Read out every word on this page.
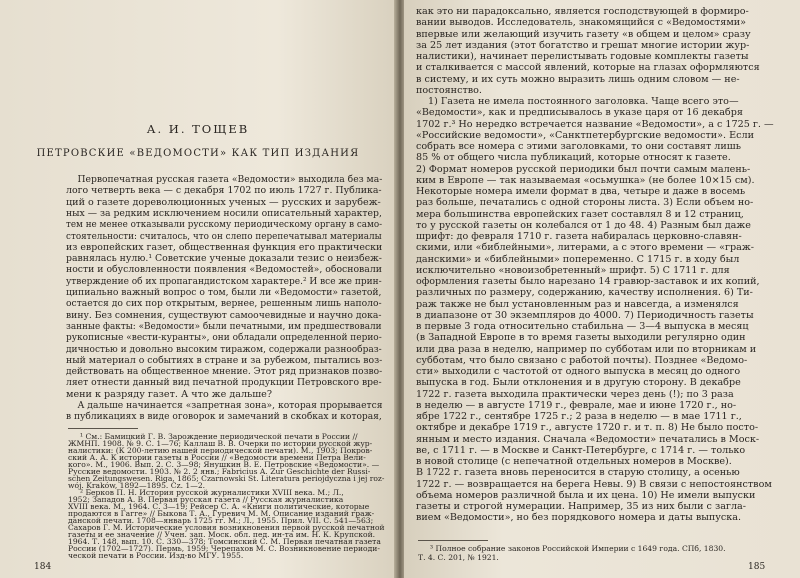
А. И. ТОЩЕВ
ПЕТРОВСКИЕ «ВЕДОМОСТИ» КАК ТИП ИЗДАНИЯ
Первопечатная русская газета «Ведомости» выходила без ма-
лого четверть века — с декабря 1702 по июль 1727 г. Публика-
ций о газете дореволюционных ученых — русских и зарубеж-
ных — за редким исключением носили описательный характер,
тем не менее отказывали русскому периодическому органу в само-
стоятельности: считалось, что он слепо перепечатывал материалы
из европейских газет, общественная функция его практически
равнялась нулю.¹ Советские ученые доказали тезис о неизбеж-
ности и обусловленности появления «Ведомостей», обосновали
утверждение об их пропагандистском характере.² И все же прин-
ципиально важный вопрос о том, были ли «Ведомости» газетой,
остается до сих пор открытым, вернее, решенным лишь наполо-
вину. Без сомнения, существуют самоочевидные и научно дока-
занные факты: «Ведомости» были печатными, им предшествовали
рукописные «вести-куранты», они обладали определенной перио-
дичностью и довольно высоким тиражом, содержали разнообраз-
ный материал о событиях в стране и за рубежом, пытались воз-
действовать на общественное мнение. Этот ряд признаков позво-
ляет отнести данный вид печатной продукции Петровского вре-
мени к разряду газет. А что же дальше?
А дальше начинается «запретная зона», которая прорывается
в публикациях в виде оговорок и замечаний в скобках и которая,
¹ См.: Бамицкий Г. В. Зарождение периодической печати в России //
ЖМНП. 1908. № 9. С. 1—76; Каллаш В. В. Очерки по истории русской жур-
налистики: (К 200-летию нашей периодической печати). М., 1903; Покров-
ский А. А. К истории газеты в России // «Ведомости времени Петра Вели-
кого». М., 1906. Вып. 2. С. 3—98; Янушкин В. Е. Петровские «Ведомости». —
Русские ведомости. 1903. № 2. 2 янв.; Fabricius A. Zur Geschichte der Russi-
schen Zeitungswesen. Riga, 1865; Czarnowski St. Literatura periojdyczna i jej roz-
wój. Kraków, 1892—1895. Cz. 1—2.
² Берков П. Н. История русской журналистики XVIII века. М.; Л.,
1952; Западов А. В. Первая русская газета // Русская журналистика
XVIII века. М., 1964. С. 3—19; Рейсер С. А. «Книги политические, которые
продаются в Гагге» // Быкова Т. А., Гуревич М. М. Описание изданий граж-
данской печати. 1708—январь 1725 гг. М.; Л., 1955. Прил. VII. С. 541—563;
Сахаров Г. М. Исторические условия возникновения первой русской печатной
газеты и ее значение // Учен. зап. Моск. обл. пед. ин-та им. Н. К. Крупской.
1964. Т. 148, вып. 10. С. 330—378; Томсинский С. М. Первая печатная газета
России (1702—1727). Пермь, 1959; Черепахов М. С. Возникновение периоди-
ческой печати в России. Изд-во МГУ. 1955.
184
как это ни парадоксально, является господствующей в формиро-
вании выводов. Исследователь, знакомящийся с «Ведомостями»
впервые или желающий изучить газету «в общем и целом» сразу
за 25 лет издания (этот богатство и грешат многие истории жур-
налистики), начинает перелистывать годовые комплекты газеты
и сталкивается с массой явлений, которые на глазах оформляются
в систему, и их суть можно выразить лишь одним словом — не-
постоянство.
1) Газета не имела постоянного заголовка. Чаще всего это—
«Ведомости», как и предписывалось в указе царя от 16 декабря
1702 г.³ Но нередко встречается название «Ведомости», а с 1725 г. —
«Российские ведомости», «Санктпетербургские ведомости». Если
собрать все номера с этими заголовками, то они составят лишь
85 % от общего числа публикаций, которые относят к газете.
2) Формат номеров русской периодики был почти самым малень-
ким в Европе — так называемая «осьмушка» (не более 10×15 см).
Некоторые номера имели формат в два, четыре и даже в восемь
раз больше, печатались с одной стороны листа. 3) Если объем но-
мера большинства европейских газет составлял 8 и 12 страниц,
то у русской газеты он колебался от 1 до 48. 4) Разным был даже
шрифт: до февраля 1710 г. газета набиралась церковно-славян-
скими, или «библейными», литерами, а с этого времени — «граж-
данскими» и «библейными» попеременно. С 1715 г. в ходу был
исключительно «новоизобретенный» шрифт. 5) С 1711 г. для
оформления газеты было нарезано 14 гравюр-заставок и их копий,
различных по размеру, содержанию, качеству исполнения. 6) Ти-
раж также не был установленным раз и навсегда, а изменялся
в диапазоне от 30 экземпляров до 4000. 7) Периодичность газеты
в первые 3 года относительно стабильна — 3—4 выпуска в месяц
(в Западной Европе в то время газеты выходили регулярно один
или два раза в неделю, например по субботам или по вторникам и
субботам, что было связано с работой почты). Позднее «Ведомо-
сти» выходили с частотой от одного выпуска в месяц до одного
выпуска в год. Были отклонения и в другую сторону. В декабре
1722 г. газета выходила практически через день (!); по 3 раза
в неделю — в августе 1719 г., феврале, мае и июне 1720 г., но-
ябре 1722 г., сентябре 1725 г.; 2 раза в неделю — в мае 1711 г.,
октябре и декабре 1719 г., августе 1720 г. и т. п. 8) Не было посто-
янным и место издания. Сначала «Ведомости» печатались в Моск-
ве, с 1711 г. — в Москве и Санкт-Петербурге, с 1714 г. — только
в новой столице (с непечатной отдельных номеров в Москве).
В 1722 г. газета вновь переносится в старую столицу, а осенью
1722 г. — возвращается на берега Невы. 9) В связи с непостоянством
объема номеров различной была и их цена. 10) Не имели выпуски
газеты и строгой нумерации. Например, 35 из них были с загла-
вием «Ведомости», но без порядкового номера и даты выпуска.
³ Полное собрание законов Российской Империи с 1649 года. СПб, 1830.
Т. 4. С. 201, № 1921.
185
